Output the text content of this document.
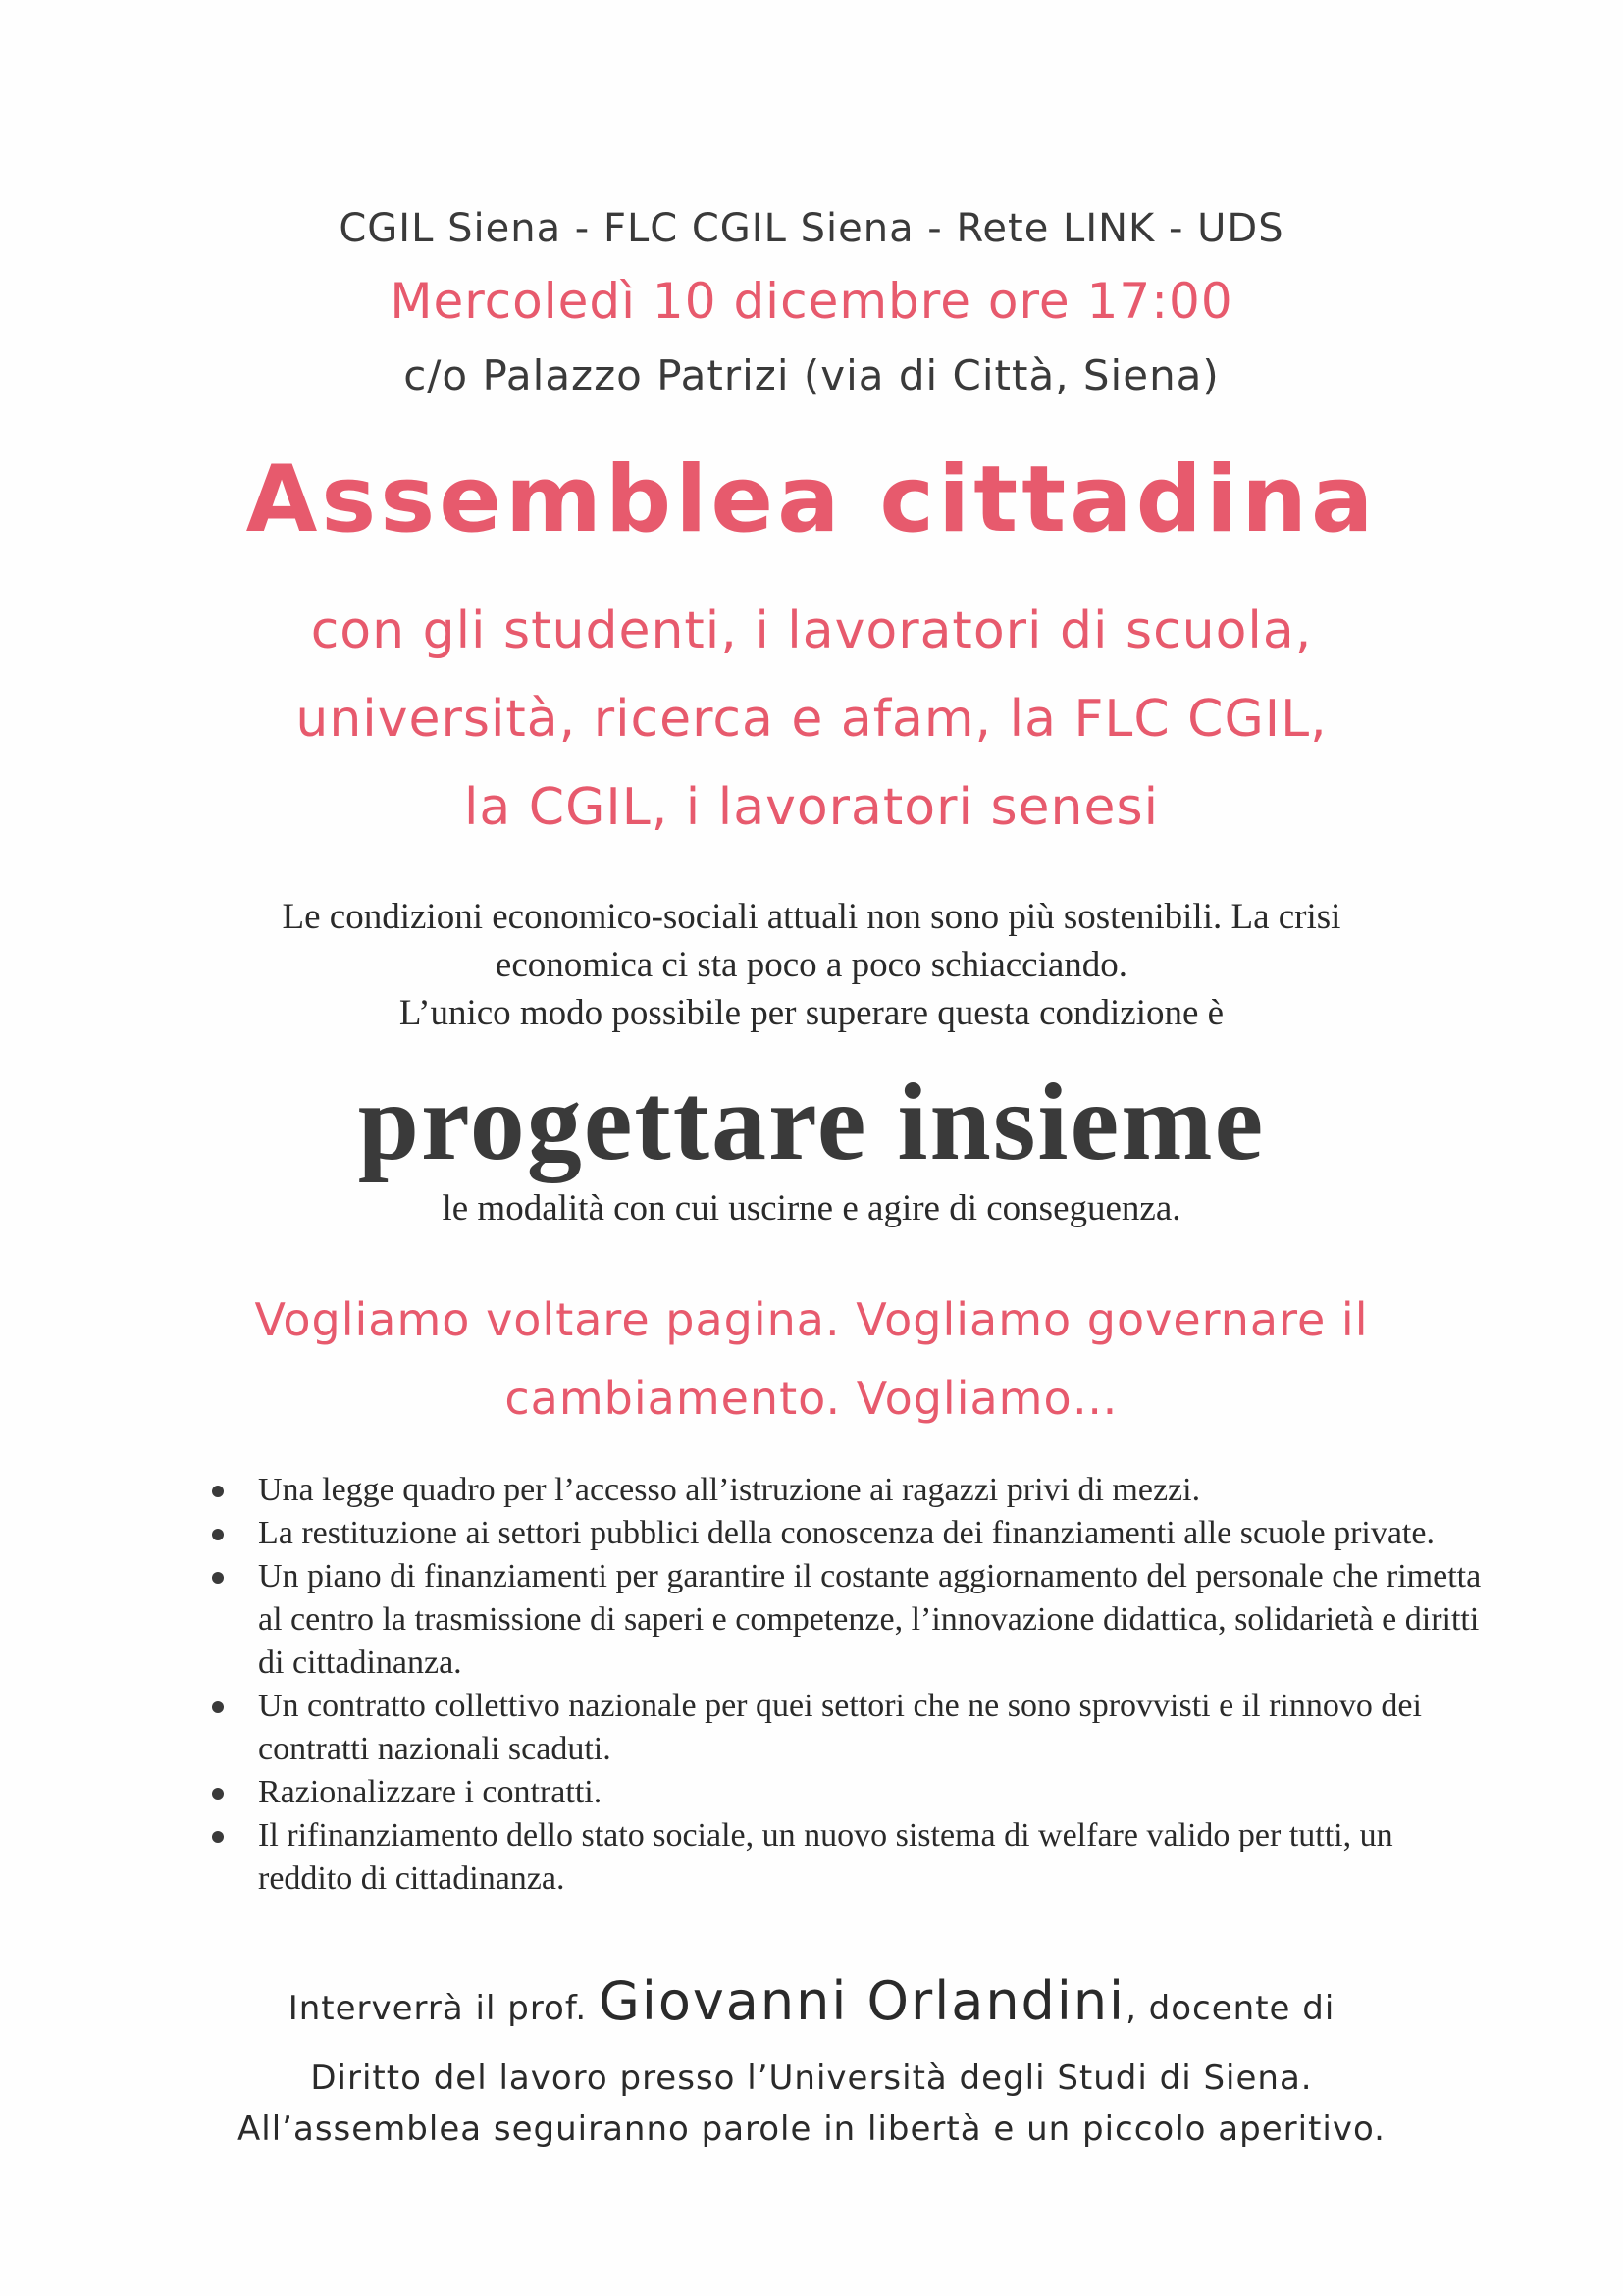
CGIL Siena - FLC CGIL Siena - Rete LINK - UDS
Mercoledì 10 dicembre ore 17:00
c/o Palazzo Patrizi (via di Città, Siena)
Assemblea cittadina
con gli studenti, i lavoratori di scuola,
università, ricerca e afam, la FLC CGIL,
la CGIL, i lavoratori senesi
Le condizioni economico-sociali attuali non sono più sostenibili. La crisi
economica ci sta poco a poco schiacciando.
L’unico modo possibile per superare questa condizione è
progettare insieme
le modalità con cui uscirne e agire di conseguenza.
Vogliamo voltare pagina. Vogliamo governare il
cambiamento. Vogliamo…
Una legge quadro per l’accesso all’istruzione ai ragazzi privi di mezzi.
La restituzione ai settori pubblici della conoscenza dei finanziamenti alle scuole private.
Un piano di finanziamenti per garantire il costante aggiornamento del personale che rimetta al centro la trasmissione di saperi e competenze, l’innovazione didattica, solidarietà e diritti di cittadinanza.
Un contratto collettivo nazionale per quei settori che ne sono sprovvisti e il rinnovo dei contratti nazionali scaduti.
Razionalizzare i contratti.
Il rifinanziamento dello stato sociale, un nuovo sistema di welfare valido per tutti, un reddito di cittadinanza.
Interverrà il prof. Giovanni Orlandini, docente di
Diritto del lavoro presso l’Università degli Studi di Siena.
All’assemblea seguiranno parole in libertà e un piccolo aperitivo.
